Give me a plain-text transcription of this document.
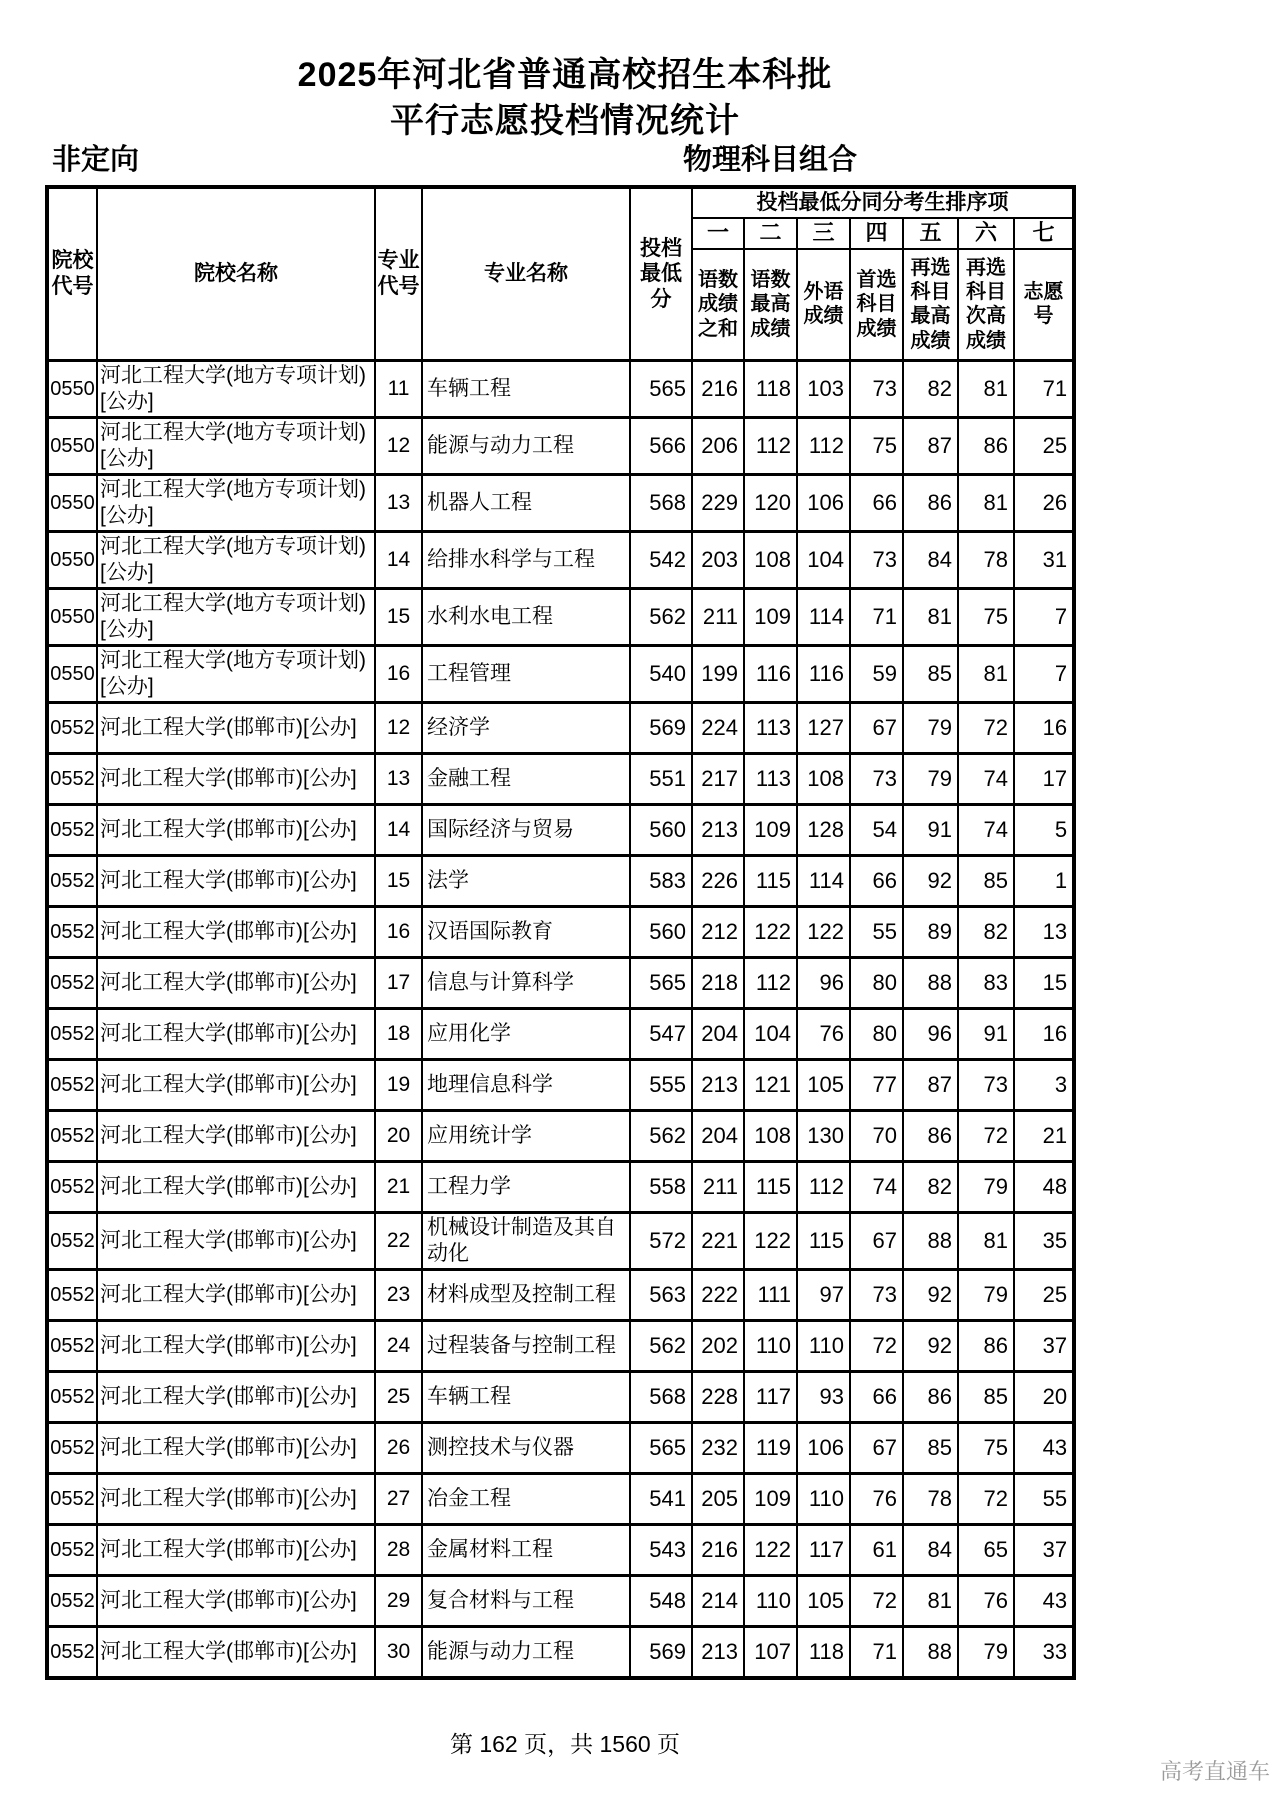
2025年河北省普通高校招生本科批
平行志愿投档情况统计
非定向	物理科目组合
院校代号	院校名称	专业代号	专业名称	投档最低分	投档最低分同分考生排序项						
					一	二	三	四	五	六	七
					语数成绩之和	语数最高成绩	外语成绩	首选科目成绩	再选科目最高成绩	再选科目次高成绩	志愿号
0550	河北工程大学(地方专项计划)[公办]	11	车辆工程	565	216	118	103	73	82	81	71
0550	河北工程大学(地方专项计划)[公办]	12	能源与动力工程	566	206	112	112	75	87	86	25
0550	河北工程大学(地方专项计划)[公办]	13	机器人工程	568	229	120	106	66	86	81	26
0550	河北工程大学(地方专项计划)[公办]	14	给排水科学与工程	542	203	108	104	73	84	78	31
0550	河北工程大学(地方专项计划)[公办]	15	水利水电工程	562	211	109	114	71	81	75	7
0550	河北工程大学(地方专项计划)[公办]	16	工程管理	540	199	116	116	59	85	81	7
0552	河北工程大学(邯郸市)[公办]	12	经济学	569	224	113	127	67	79	72	16
0552	河北工程大学(邯郸市)[公办]	13	金融工程	551	217	113	108	73	79	74	17
0552	河北工程大学(邯郸市)[公办]	14	国际经济与贸易	560	213	109	128	54	91	74	5
0552	河北工程大学(邯郸市)[公办]	15	法学	583	226	115	114	66	92	85	1
0552	河北工程大学(邯郸市)[公办]	16	汉语国际教育	560	212	122	122	55	89	82	13
0552	河北工程大学(邯郸市)[公办]	17	信息与计算科学	565	218	112	96	80	88	83	15
0552	河北工程大学(邯郸市)[公办]	18	应用化学	547	204	104	76	80	96	91	16
0552	河北工程大学(邯郸市)[公办]	19	地理信息科学	555	213	121	105	77	87	73	3
0552	河北工程大学(邯郸市)[公办]	20	应用统计学	562	204	108	130	70	86	72	21
0552	河北工程大学(邯郸市)[公办]	21	工程力学	558	211	115	112	74	82	79	48
0552	河北工程大学(邯郸市)[公办]	22	机械设计制造及其自动化	572	221	122	115	67	88	81	35
0552	河北工程大学(邯郸市)[公办]	23	材料成型及控制工程	563	222	111	97	73	92	79	25
0552	河北工程大学(邯郸市)[公办]	24	过程装备与控制工程	562	202	110	110	72	92	86	37
0552	河北工程大学(邯郸市)[公办]	25	车辆工程	568	228	117	93	66	86	85	20
0552	河北工程大学(邯郸市)[公办]	26	测控技术与仪器	565	232	119	106	67	85	75	43
0552	河北工程大学(邯郸市)[公办]	27	冶金工程	541	205	109	110	76	78	72	55
0552	河北工程大学(邯郸市)[公办]	28	金属材料工程	543	216	122	117	61	84	65	37
0552	河北工程大学(邯郸市)[公办]	29	复合材料与工程	548	214	110	105	72	81	76	43
0552	河北工程大学(邯郸市)[公办]	30	能源与动力工程	569	213	107	118	71	88	79	33
第 162 页，共 1560 页
高考直通车
